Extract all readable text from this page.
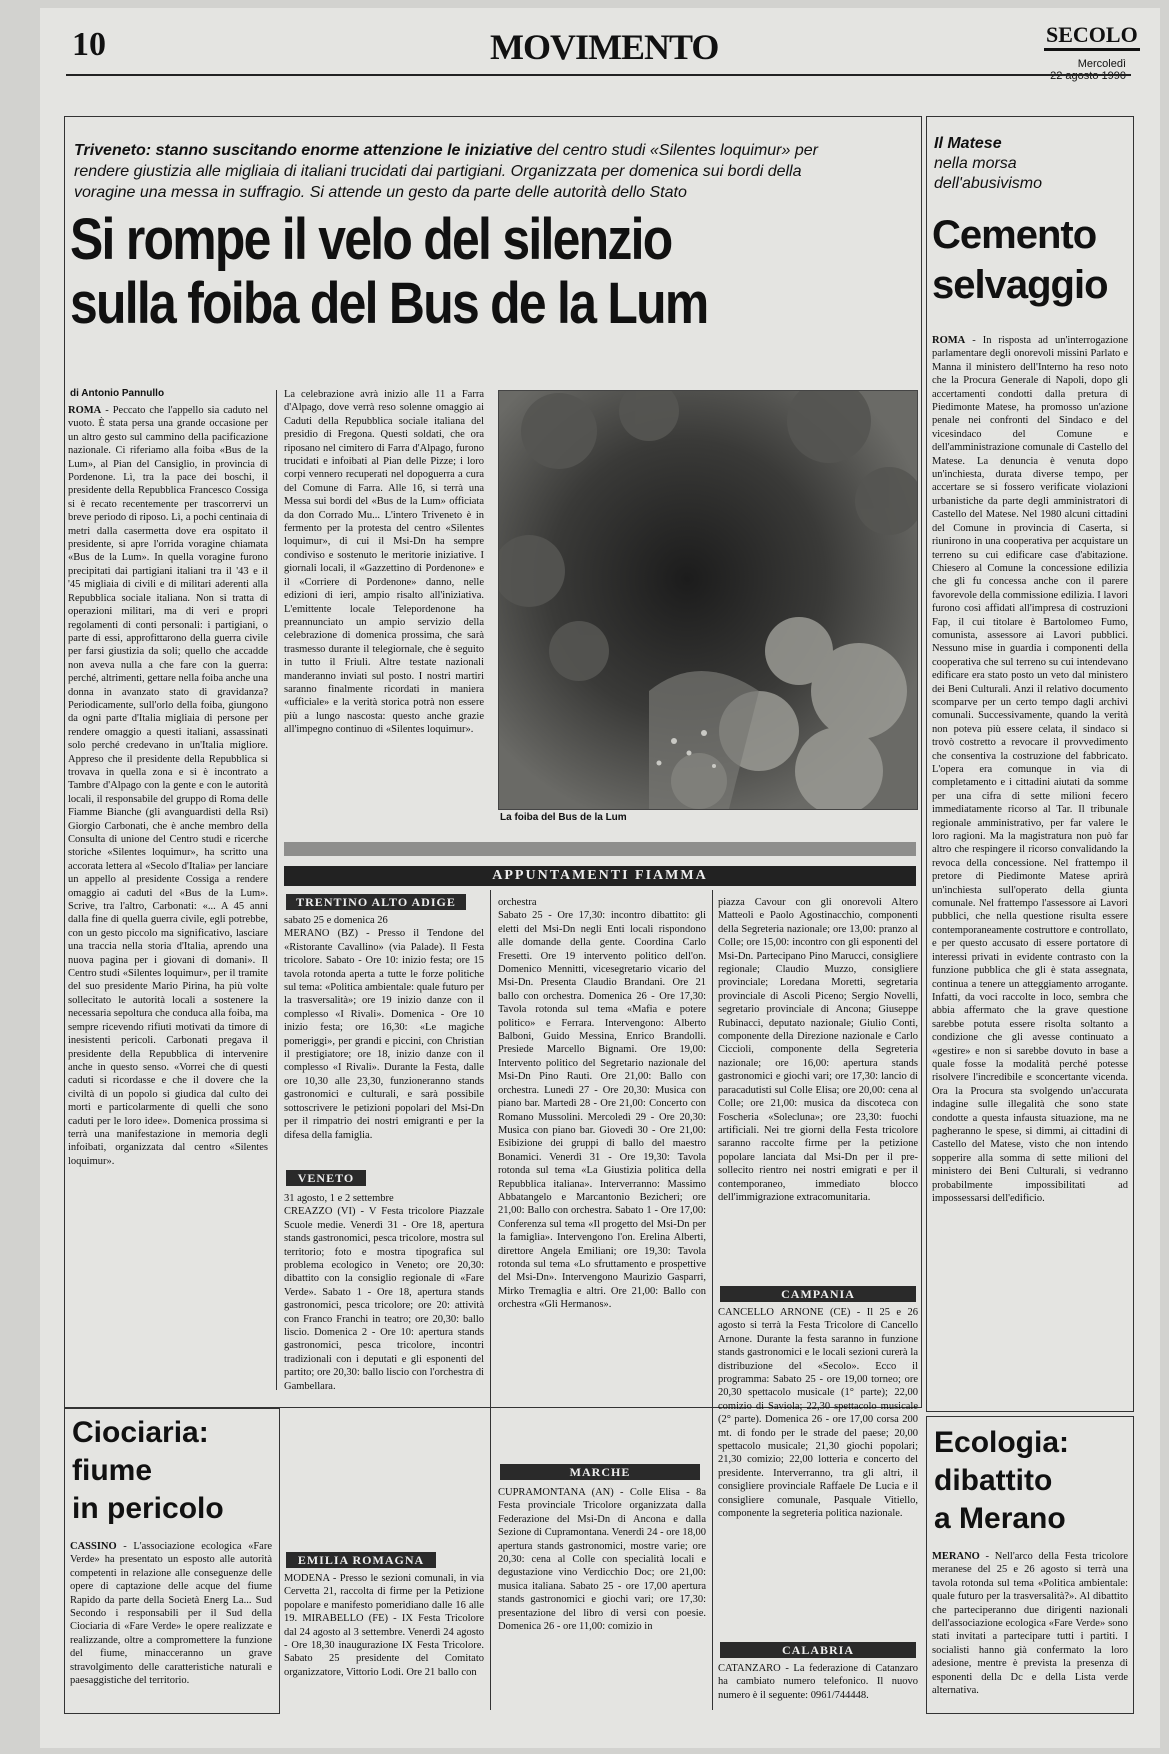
10	MOVIMENTO	SECOLO
Mercoledì
22 agosto 1990
Triveneto: stanno suscitando enorme attenzione le iniziative del centro studi «Silentes loquimur» per rendere giustizia alle migliaia di italiani trucidati dai partigiani. Organizzata per domenica sui bordi della voragine una messa in suffragio. Si attende un gesto da parte delle autorità dello Stato
Si rompe il velo del silenzio
sulla foiba del Bus de la Lum
di Antonio Pannullo

ROMA - Peccato che l'appello sia caduto nel vuoto. È stata persa una grande occasione per un altro gesto sul cammino della pacificazione nazionale. Ci riferiamo alla foiba «Bus de la Lum», al Pian del Cansiglio, in provincia di Pordenone. Lì, tra la pace dei boschi, il presidente della Repubblica Francesco Cossiga si è recato recentemente per trascorrervi un breve periodo di riposo. Lì, a pochi centinaia di metri dalla casermetta dove era ospitato il presidente, si apre l'orrida voragine chiamata «Bus de la Lum». In quella voragine furono precipitati dai partigiani italiani tra il '43 e il '45 migliaia di civili e di militari aderenti alla Repubblica sociale italiana. Non si tratta di operazioni militari, ma di veri e propri regolamenti di conti personali: i partigiani, o parte di essi, approfittarono della guerra civile per farsi giustizia da soli; quello che accadde non aveva nulla a che fare con la guerra: perché, altrimenti, gettare nella foiba anche una donna in avanzato stato di gravidanza? Periodicamente, sull'orlo della foiba, giungono da ogni parte d'Italia migliaia di persone per rendere omaggio a questi italiani, assassinati solo perché credevano in un'Italia migliore. Appreso che il presidente della Repubblica si trovava in quella zona e si è incontrato a Tambre d'Alpago con la gente e con le autorità locali, il responsabile del gruppo di Roma delle Fiamme Bianche (gli avanguardisti della Rsi) Giorgio Carbonati, che è anche membro della Consulta di unione del Centro studi e ricerche storiche «Silentes loquimur», ha scritto una accorata lettera al «Secolo d'Italia» per lanciare un appello al presidente Cossiga a rendere omaggio ai caduti del «Bus de la Lum». Scrive, tra l'altro, Carbonati: «... A 45 anni dalla fine di quella guerra civile, egli potrebbe, con un gesto piccolo ma significativo, lasciare una traccia nella storia d'Italia, aprendo una nuova pagina per i giovani di domani». Il Centro studi «Silentes loquimur», per il tramite del suo presidente Mario Pirina, ha più volte sollecitato le autorità locali a sostenere la necessaria sepoltura che conduca alla foiba, ma sempre ricevendo rifiuti motivati da timore di inesistenti pericoli. Carbonati pregava il presidente della Repubblica di intervenire anche in questo senso. «Vorrei che di questi caduti si ricordasse e che il dovere che la civiltà di un popolo si giudica dal culto dei morti e particolarmente di quelli che sono caduti per le loro idee». Domenica prossima si terrà una manifestazione in memoria degli infoibati, organizzata dal centro «Silentes loquimur».

La celebrazione avrà inizio alle 11 a Farra d'Alpago, dove verrà reso solenne omaggio ai Caduti della Repubblica sociale italiana del presidio di Fregona. Questi soldati, che ora riposano nel cimitero di Farra d'Alpago, furono trucidati e infoibati al Pian delle Pizze; i loro corpi vennero recuperati nel dopoguerra a cura del Comune di Farra. Alle 16, si terrà una Messa sui bordi del «Bus de la Lum» officiata da don Corrado Mu... L'intero Triveneto è in fermento per la protesta del centro «Silentes loquimur», di cui il Msi-Dn ha sempre condiviso e sostenuto le meritorie iniziative. I giornali locali, il «Gazzettino di Pordenone» e il «Corriere di Pordenone» danno, nelle edizioni di ieri, ampio risalto all'iniziativa. L'emittente locale Telepordenone ha preannunciato un ampio servizio della celebrazione di domenica prossima, che sarà trasmesso durante il telegiornale, che è seguito in tutto il Friuli. Altre testate nazionali manderanno inviati sul posto. I nostri martiri saranno finalmente ricordati in maniera «ufficiale» e la verità storica potrà non essere più a lungo nascosta: questo anche grazie all'impegno continuo di «Silentes loquimur».

La foiba del Bus de la Lum
APPUNTAMENTI FIAMMA
TRENTINO ALTO ADIGE
sabato 25 e domenica 26
MERANO (BZ) - Presso il Tendone del «Ristorante Cavallino» (via Palade). Il Festa tricolore. Sabato - Ore 10: inizio festa; ore 15 tavola rotonda aperta a tutte le forze politiche sul tema: «Politica ambientale: quale futuro per la trasversalità»; ore 19 inizio danze con il complesso «I Rivali». Domenica - Ore 10 inizio festa; ore 16,30: «Le magiche pomeriggi», per grandi e piccini, con Christian il prestigiatore; ore 18, inizio danze con il complesso «I Rivali». Durante la Festa, dalle ore 10,30 alle 23,30, funzioneranno stands gastronomici e culturali, e sarà possibile sottoscrivere le petizioni popolari del Msi-Dn per il rimpatrio dei nostri emigranti e per la difesa della famiglia.
VENETO
31 agosto, 1 e 2 settembre
CREAZZO (VI) - V Festa tricolore Piazzale Scuole medie. Venerdì 31 - Ore 18, apertura stands gastronomici, pesca tricolore, mostra sul territorio; foto e mostra tipografica sul problema ecologico in Veneto; ore 20,30: dibattito con la consiglio regionale di «Fare Verde». Sabato 1 - Ore 18, apertura stands gastronomici, pesca tricolore; ore 20: attività con Franco Franchi in teatro; ore 20,30: ballo liscio. Domenica 2 - Ore 10: apertura stands gastronomici, pesca tricolore, incontri tradizionali con i deputati e gli esponenti del partito; ore 20,30: ballo liscio con l'orchestra di Gambellara.
EMILIA ROMAGNA
MODENA - Presso le sezioni comunali, in via Cervetta 21, raccolta di firme per la Petizione popolare e manifesto pomeridiano dalle 16 alle 19. MIRABELLO (FE) - IX Festa Tricolore dal 24 agosto al 3 settembre. Venerdì 24 agosto - Ore 18,30 inaugurazione IX Festa Tricolore. Sabato 25 presidente del Comitato organizzatore, Vittorio Lodi. Ore 21 ballo con
orchestra
Sabato 25 - Ore 17,30: incontro dibattito: gli eletti del Msi-Dn negli Enti locali rispondono alle domande della gente. Coordina Carlo Fresetti. Ore 19 intervento politico dell'on. Domenico Mennitti, vicesegretario vicario del Msi-Dn. Presenta Claudio Brandani. Ore 21 ballo con orchestra. Domenica 26 - Ore 17,30: Tavola rotonda sul tema «Mafia e potere politico» e Ferrara. Intervengono: Alberto Balboni, Guido Messina, Enrico Brandolli. Presiede Marcello Bignami. Ore 19,00: Intervento politico del Segretario nazionale del Msi-Dn Pino Rauti. Ore 21,00: Ballo con orchestra. Lunedì 27 - Ore 20,30: Musica con piano bar. Martedì 28 - Ore 21,00: Concerto con Romano Mussolini. Mercoledì 29 - Ore 20,30: Musica con piano bar. Giovedì 30 - Ore 21,00: Esibizione dei gruppi di ballo del maestro Bonamici. Venerdì 31 - Ore 19,30: Tavola rotonda sul tema «La Giustizia politica della Repubblica italiana». Interverranno: Massimo Abbatangelo e Marcantonio Bezicheri; ore 21,00: Ballo con orchestra. Sabato 1 - Ore 17,00: Conferenza sul tema «Il progetto del Msi-Dn per la famiglia». Intervengono l'on. Erelina Alberti, direttore Angela Emiliani; ore 19,30: Tavola rotonda sul tema «Lo sfruttamento e prospettive del Msi-Dn». Intervengono Maurizio Gasparri, Mirko Tremaglia e altri. Ore 21,00: Ballo con orchestra «Gli Hermanos».
MARCHE
CUPRAMONTANA (AN) - Colle Elisa - 8a Festa provinciale Tricolore organizzata dalla Federazione del Msi-Dn di Ancona e dalla Sezione di Cupramontana. Venerdì 24 - ore 18,00 apertura stands gastronomici, mostre varie; ore 20,30: cena al Colle con specialità locali e degustazione vino Verdicchio Doc; ore 21,00: musica italiana. Sabato 25 - ore 17,00 apertura stands gastronomici e giochi vari; ore 17,30: presentazione del libro di versi con poesie. Domenica 26 - ore 11,00: comizio in
piazza Cavour con gli onorevoli Altero Matteoli e Paolo Agostinacchio, componenti della Segreteria nazionale; ore 13,00: pranzo al Colle; ore 15,00: incontro con gli esponenti del Msi-Dn. Partecipano Pino Marucci, consigliere regionale; Claudio Muzzo, consigliere provinciale; Loredana Moretti, segretaria provinciale di Ascoli Piceno; Sergio Novelli, segretario provinciale di Ancona; Giuseppe Rubinacci, deputato nazionale; Giulio Conti, componente della Direzione nazionale e Carlo Ciccioli, componente della Segreteria nazionale; ore 16,00: apertura stands gastronomici e giochi vari; ore 17,30: lancio di paracadutisti sul Colle Elisa; ore 20,00: cena al Colle; ore 21,00: musica da discoteca con Foscheria «Solecluna»; ore 23,30: fuochi artificiali. Nei tre giorni della Festa tricolore saranno raccolte firme per la petizione popolare lanciata dal Msi-Dn per il pre-sollecito rientro nei nostri emigrati e per il contemporaneo, immediato blocco dell'immigrazione extracomunitaria.
CAMPANIA
CANCELLO ARNONE (CE) - Il 25 e 26 agosto si terrà la Festa Tricolore di Cancello Arnone. Durante la festa saranno in funzione stands gastronomici e le locali sezioni curerà la distribuzione del «Secolo». Ecco il programma: Sabato 25 - ore 19,00 torneo; ore 20,30 spettacolo musicale (1° parte); 22,00 comizio di Saviola; 22,30 spettacolo musicale (2° parte). Domenica 26 - ore 17,00 corsa 200 mt. di fondo per le strade del paese; 20,00 spettacolo musicale; 21,30 giochi popolari; 21,30 comizio; 22,00 lotteria e concerto del presidente. Interverranno, tra gli altri, il consigliere provinciale Raffaele De Lucia e il consigliere comunale, Pasquale Vitiello, componente la segreteria politica nazionale.
CALABRIA
CATANZARO - La federazione di Catanzaro ha cambiato numero telefonico. Il nuovo numero è il seguente: 0961/744448.
Ciociaria:
fiume
in pericolo

CASSINO - L'associazione ecologica «Fare Verde» ha presentato un esposto alle autorità competenti in relazione alle conseguenze delle opere di captazione delle acque del fiume Rapido da parte della Società Energ La... Sud Secondo i responsabili per il Sud della Ciociaria di «Fare Verde» le opere realizzate e realizzande, oltre a compromettere la funzione del fiume, minacceranno un grave stravolgimento delle caratteristiche naturali e paesaggistiche del territorio.

Il Matese
nella morsa
dell'abusivismo
Cemento
selvaggio

ROMA - In risposta ad un'interrogazione parlamentare degli onorevoli missini Parlato e Manna il ministero dell'Interno ha reso noto che la Procura Generale di Napoli, dopo gli accertamenti condotti dalla pretura di Piedimonte Matese, ha promosso un'azione penale nei confronti del Sindaco e del vicesindaco del Comune e dell'amministrazione comunale di Castello del Matese. La denuncia è venuta dopo un'inchiesta, durata diverse tempo, per accertare se si fossero verificate violazioni urbanistiche da parte degli amministratori di Castello del Matese. Nel 1980 alcuni cittadini del Comune in provincia di Caserta, si riunirono in una cooperativa per acquistare un terreno su cui edificare case d'abitazione. Chiesero al Comune la concessione edilizia che gli fu concessa anche con il parere favorevole della commissione edilizia. I lavori furono così affidati all'impresa di costruzioni Fap, il cui titolare è Bartolomeo Fumo, comunista, assessore ai Lavori pubblici. Nessuno mise in guardia i componenti della cooperativa che sul terreno su cui intendevano edificare era stato posto un veto dal ministero dei Beni Culturali. Anzi il relativo documento scomparve per un certo tempo dagli archivi comunali. Successivamente, quando la verità non poteva più essere celata, il sindaco si trovò costretto a revocare il provvedimento che consentiva la costruzione del fabbricato. L'opera era comunque in via di completamento e i cittadini aiutati da somme per una cifra di sette milioni fecero immediatamente ricorso al Tar. Il tribunale regionale amministrativo, per far valere le loro ragioni. Ma la magistratura non può far altro che respingere il ricorso convalidando la revoca della concessione. Nel frattempo il pretore di Piedimonte Matese aprirà un'inchiesta sull'operato della giunta comunale. Nel frattempo l'assessore ai Lavori pubblici, che nella questione risulta essere contemporaneamente costruttore e controllato, e per questo accusato di essere portatore di interessi privati in evidente contrasto con la funzione pubblica che gli è stata assegnata, continua a tenere un atteggiamento arrogante. Infatti, da voci raccolte in loco, sembra che abbia affermato che la grave questione sarebbe potuta essere risolta soltanto a condizione che gli avesse continuato a «gestire» e non si sarebbe dovuto in base a quale fosse la modalità perché potesse risolvere l'incredibile e sconcertante vicenda. Ora la Procura sta svolgendo un'accurata indagine sulle illegalità che sono state condotte a questa infausta situazione, ma ne pagheranno le spese, si dimmi, ai cittadini di Castello del Matese, visto che non intendo sopperire alla somma di sette milioni del ministero dei Beni Culturali, si vedranno probabilmente impossibilitati ad impossessarsi dell'edificio.

Ecologia:
dibattito
a Merano

MERANO - Nell'arco della Festa tricolore meranese del 25 e 26 agosto si terrà una tavola rotonda sul tema «Politica ambientale: quale futuro per la trasversalità?». Al dibattito che parteciperanno due dirigenti nazionali dell'associazione ecologica «Fare Verde» sono stati invitati a partecipare tutti i partiti. I socialisti hanno già confermato la loro adesione, mentre è prevista la presenza di esponenti della Dc e della Lista verde alternativa.
